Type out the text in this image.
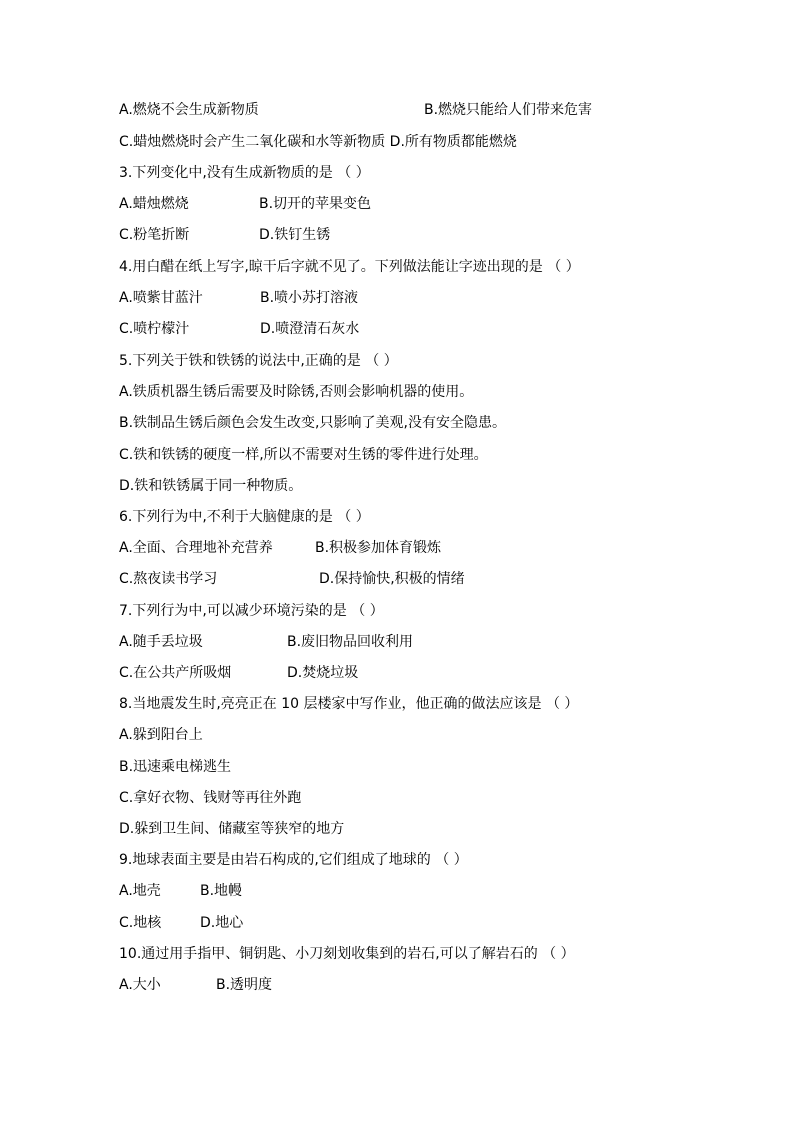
A.燃烧不会生成新物质	B.燃烧只能给人们带来危害
C.蜡烛燃烧时会产生二氧化碳和水等新物质 D.所有物质都能燃烧
3.下列变化中,没有生成新物质的是 （ ）
A.蜡烛燃烧	B.切开的苹果变色
C.粉笔折断	D.铁钉生锈
4.用白醋在纸上写字,晾干后字就不见了。下列做法能让字迹出现的是 （ ）
A.喷紫甘蓝汁	B.喷小苏打溶液
C.喷柠檬汁	D.喷澄清石灰水
5.下列关于铁和铁锈的说法中,正确的是 （ ）
A.铁质机器生锈后需要及时除锈,否则会影响机器的使用。
B.铁制品生锈后颜色会发生改变,只影响了美观,没有安全隐患。
C.铁和铁锈的硬度一样,所以不需要对生锈的零件进行处理。
D.铁和铁锈属于同一种物质。
6.下列行为中,不利于大脑健康的是 （ ）
A.全面、合理地补充营养	B.积极参加体育锻炼
C.熬夜读书学习	D.保持愉快,积极的情绪
7.下列行为中,可以减少环境污染的是 （ ）
A.随手丢垃圾	B.废旧物品回收利用
C.在公共产所吸烟	D.焚烧垃圾
8.当地震发生时,亮亮正在 10 层楼家中写作业，他正确的做法应该是 （ ）
A.躲到阳台上
B.迅速乘电梯逃生
C.拿好衣物、钱财等再往外跑
D.躲到卫生间、储藏室等狭窄的地方
9.地球表面主要是由岩石构成的,它们组成了地球的 （ ）
A.地壳	B.地幔
C.地核	D.地心
10.通过用手指甲、铜钥匙、小刀刻划收集到的岩石,可以了解岩石的 （ ）
A.大小	B.透明度
